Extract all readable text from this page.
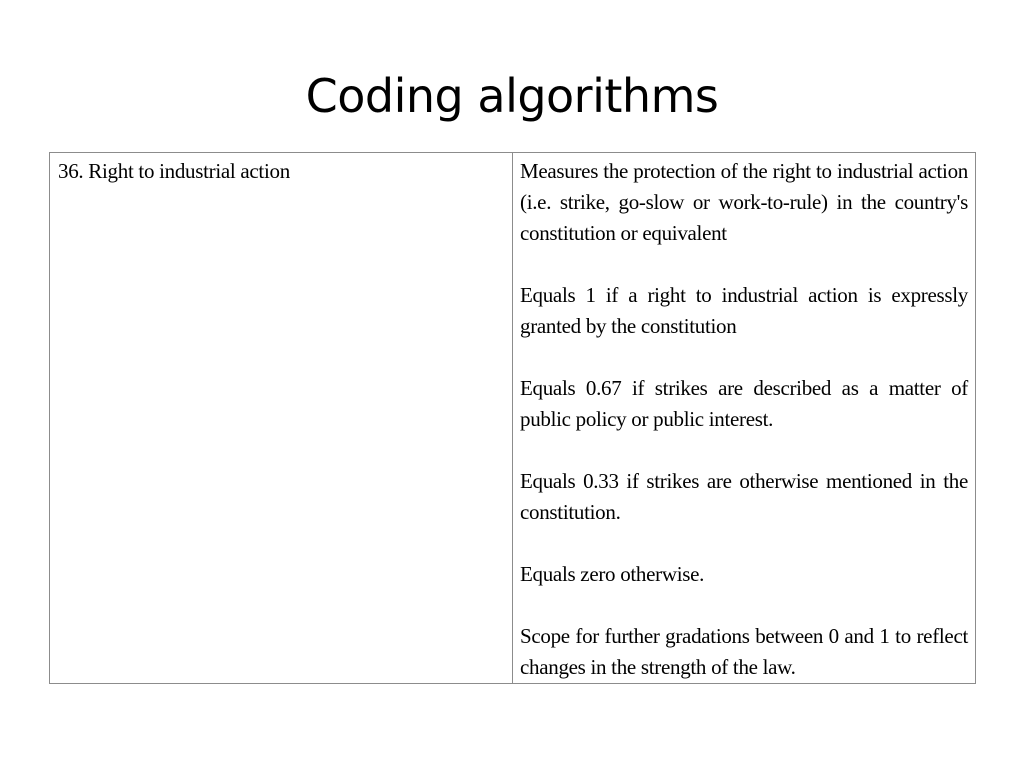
Coding algorithms
36. Right to industrial action	Measures the protection of the right to industrial action (i.e. strike, go-slow or work-to-rule) in the country's constitution or equivalent

Equals 1 if a right to industrial action is expressly granted by the constitution

Equals 0.67 if strikes are described as a matter of public policy or public interest.

Equals 0.33 if strikes are otherwise mentioned in the constitution.

Equals zero otherwise.

Scope for further gradations between 0 and 1 to reflect changes in the strength of the law.
